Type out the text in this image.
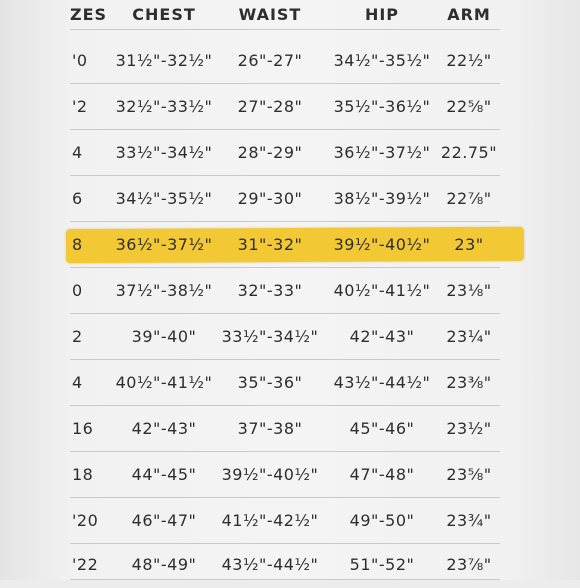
ZES	CHEST	WAIST	HIP	ARM
'0	31½"-32½"	26"-27"	34½"-35½"	22½"
'2	32½"-33½"	27"-28"	35½"-36½"	22⅝"
4	33½"-34½"	28"-29"	36½"-37½" 22.75"
6	34½"-35½"	29"-30"	38½"-39½"	22⅞"
8	36½"-37½"	31"-32"	39½"-40½"	23"
0	37½"-38½"	32"-33"	40½"-41½"	23⅛"
2	39"-40"	33½"-34½"	42"-43"	23¼"
4	40½"-41½"	35"-36"	43½"-44½"	23⅜"
16	42"-43"	37"-38"	45"-46"	23½"
18	44"-45"	39½"-40½"	47"-48"	23⅝"
'20	46"-47"	41½"-42½"	49"-50"	23¾"
'22	48"-49"	43½"-44½"	51"-52"	23⅞"
